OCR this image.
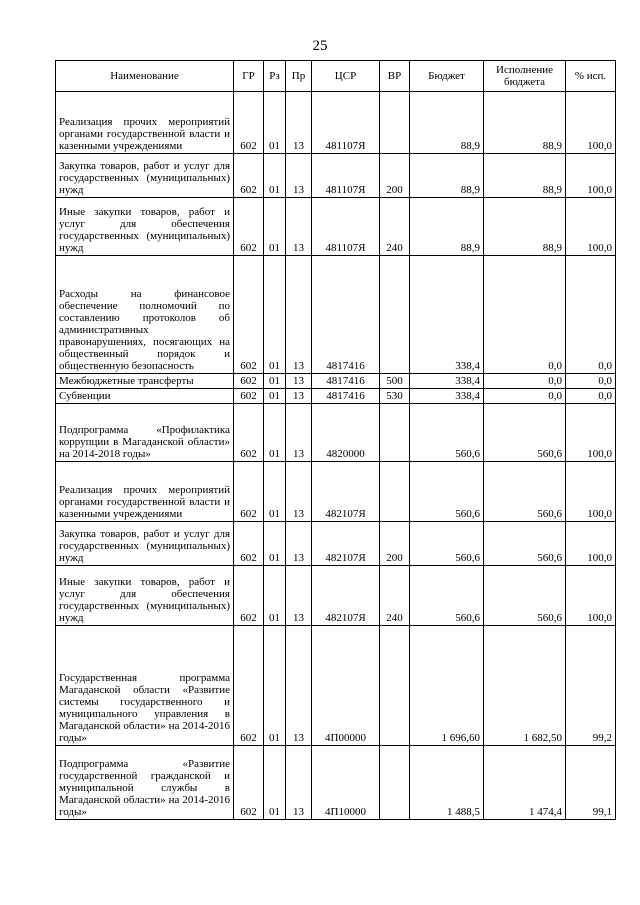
25
Наименование	ГР	Рз	Пр	ЦСР	ВР	Бюджет	Исполнение бюджета	% исп.
Реализация прочих мероприятий органами государственной власти и казенными учреждениями	602	01	13	481107Я		88,9	88,9	100,0
Закупка товаров, работ и услуг для государственных (муниципальных) нужд	602	01	13	481107Я	200	88,9	88,9	100,0
Иные закупки товаров, работ и услуг для обеспечения государственных (муниципальных) нужд	602	01	13	481107Я	240	88,9	88,9	100,0
Расходы на финансовое обеспечение полномочий по составлению протоколов об административных правонарушениях, посягающих на общественный порядок и общественную безопасность	602	01	13	4817416		338,4	0,0	0,0
Межбюджетные трансферты	602	01	13	4817416	500	338,4	0,0	0,0
Субвенции	602	01	13	4817416	530	338,4	0,0	0,0
Подпрограмма «Профилактика коррупции в Магаданской области» на 2014-2018 годы»	602	01	13	4820000		560,6	560,6	100,0
Реализация прочих мероприятий органами государственной власти и казенными учреждениями	602	01	13	482107Я		560,6	560,6	100,0
Закупка товаров, работ и услуг для государственных (муниципальных) нужд	602	01	13	482107Я	200	560,6	560,6	100,0
Иные закупки товаров, работ и услуг для обеспечения государственных (муниципальных) нужд	602	01	13	482107Я	240	560,6	560,6	100,0
Государственная программа Магаданской области «Развитие системы государственного и муниципального управления в Магаданской области» на 2014-2016 годы»	602	01	13	4П00000		1 696,60	1 682,50	99,2
Подпрограмма «Развитие государственной гражданской и муниципальной службы в Магаданской области» на 2014-2016 годы»	602	01	13	4П10000		1 488,5	1 474,4	99,1
